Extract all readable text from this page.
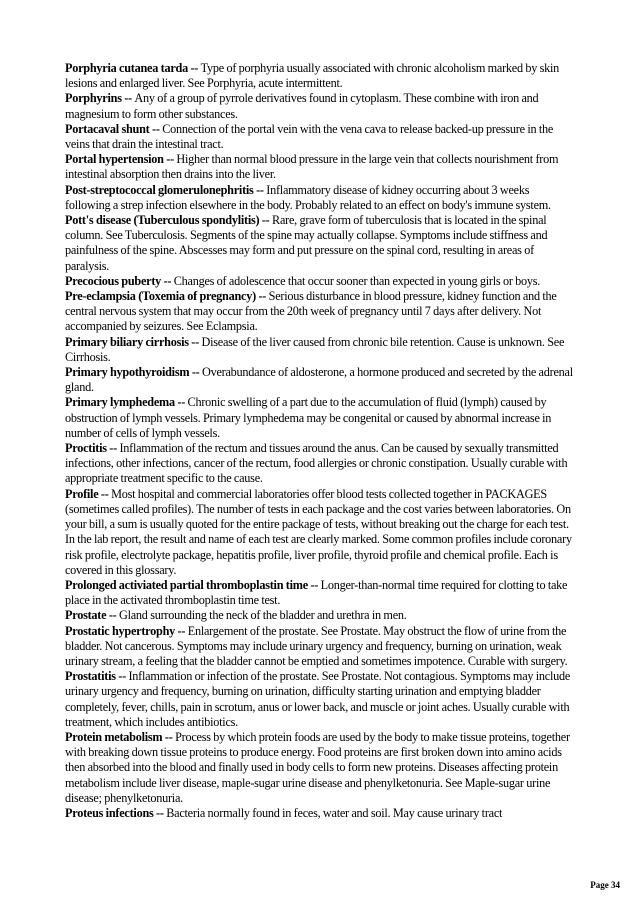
Porphyria cutanea tarda -- Type of porphyria usually associated with chronic alcoholism marked by skin lesions and enlarged liver. See Porphyria, acute intermittent.

Porphyrins -- Any of a group of pyrrole derivatives found in cytoplasm. These combine with iron and magnesium to form other substances.

Portacaval shunt -- Connection of the portal vein with the vena cava to release backed-up pressure in the veins that drain the intestinal tract.

Portal hypertension -- Higher than normal blood pressure in the large vein that collects nourishment from intestinal absorption then drains into the liver.

Post-streptococcal glomerulonephritis -- Inflammatory disease of kidney occurring about 3 weeks following a strep infection elsewhere in the body. Probably related to an effect on body's immune system.

Pott's disease (Tuberculous spondylitis) -- Rare, grave form of tuberculosis that is located in the spinal column. See Tuberculosis. Segments of the spine may actually collapse. Symptoms include stiffness and painfulness of the spine. Abscesses may form and put pressure on the spinal cord, resulting in areas of paralysis.

Precocious puberty -- Changes of adolescence that occur sooner than expected in young girls or boys.

Pre-eclampsia (Toxemia of pregnancy) -- Serious disturbance in blood pressure, kidney function and the central nervous system that may occur from the 20th week of pregnancy until 7 days after delivery. Not accompanied by seizures. See Eclampsia.

Primary biliary cirrhosis -- Disease of the liver caused from chronic bile retention. Cause is unknown. See Cirrhosis.

Primary hypothyroidism -- Overabundance of aldosterone, a hormone produced and secreted by the adrenal gland.

Primary lymphedema -- Chronic swelling of a part due to the accumulation of fluid (lymph) caused by obstruction of lymph vessels. Primary lymphedema may be congenital or caused by abnormal increase in number of cells of lymph vessels.

Proctitis -- Inflammation of the rectum and tissues around the anus. Can be caused by sexually transmitted infections, other infections, cancer of the rectum, food allergies or chronic constipation. Usually curable with appropriate treatment specific to the cause.

Profile -- Most hospital and commercial laboratories offer blood tests collected together in PACKAGES (sometimes called profiles). The number of tests in each package and the cost varies between laboratories. On your bill, a sum is usually quoted for the entire package of tests, without breaking out the charge for each test. In the lab report, the result and name of each test are clearly marked. Some common profiles include coronary risk profile, electrolyte package, hepatitis profile, liver profile, thyroid profile and chemical profile. Each is covered in this glossary.

Prolonged activiated partial thromboplastin time -- Longer-than-normal time required for clotting to take place in the activated thromboplastin time test.

Prostate -- Gland surrounding the neck of the bladder and urethra in men.

Prostatic hypertrophy -- Enlargement of the prostate. See Prostate. May obstruct the flow of urine from the bladder. Not cancerous. Symptoms may include urinary urgency and frequency, burning on urination, weak urinary stream, a feeling that the bladder cannot be emptied and sometimes impotence. Curable with surgery.

Prostatitis -- Inflammation or infection of the prostate. See Prostate. Not contagious. Symptoms may include urinary urgency and frequency, burning on urination, difficulty starting urination and emptying bladder completely, fever, chills, pain in scrotum, anus or lower back, and muscle or joint aches. Usually curable with treatment, which includes antibiotics.

Protein metabolism -- Process by which protein foods are used by the body to make tissue proteins, together with breaking down tissue proteins to produce energy. Food proteins are first broken down into amino acids then absorbed into the blood and finally used in body cells to form new proteins. Diseases affecting protein metabolism include liver disease, maple-sugar urine disease and phenylketonuria. See Maple-sugar urine disease; phenylketonuria.

Proteus infections -- Bacteria normally found in feces, water and soil. May cause urinary tract

Page 34
